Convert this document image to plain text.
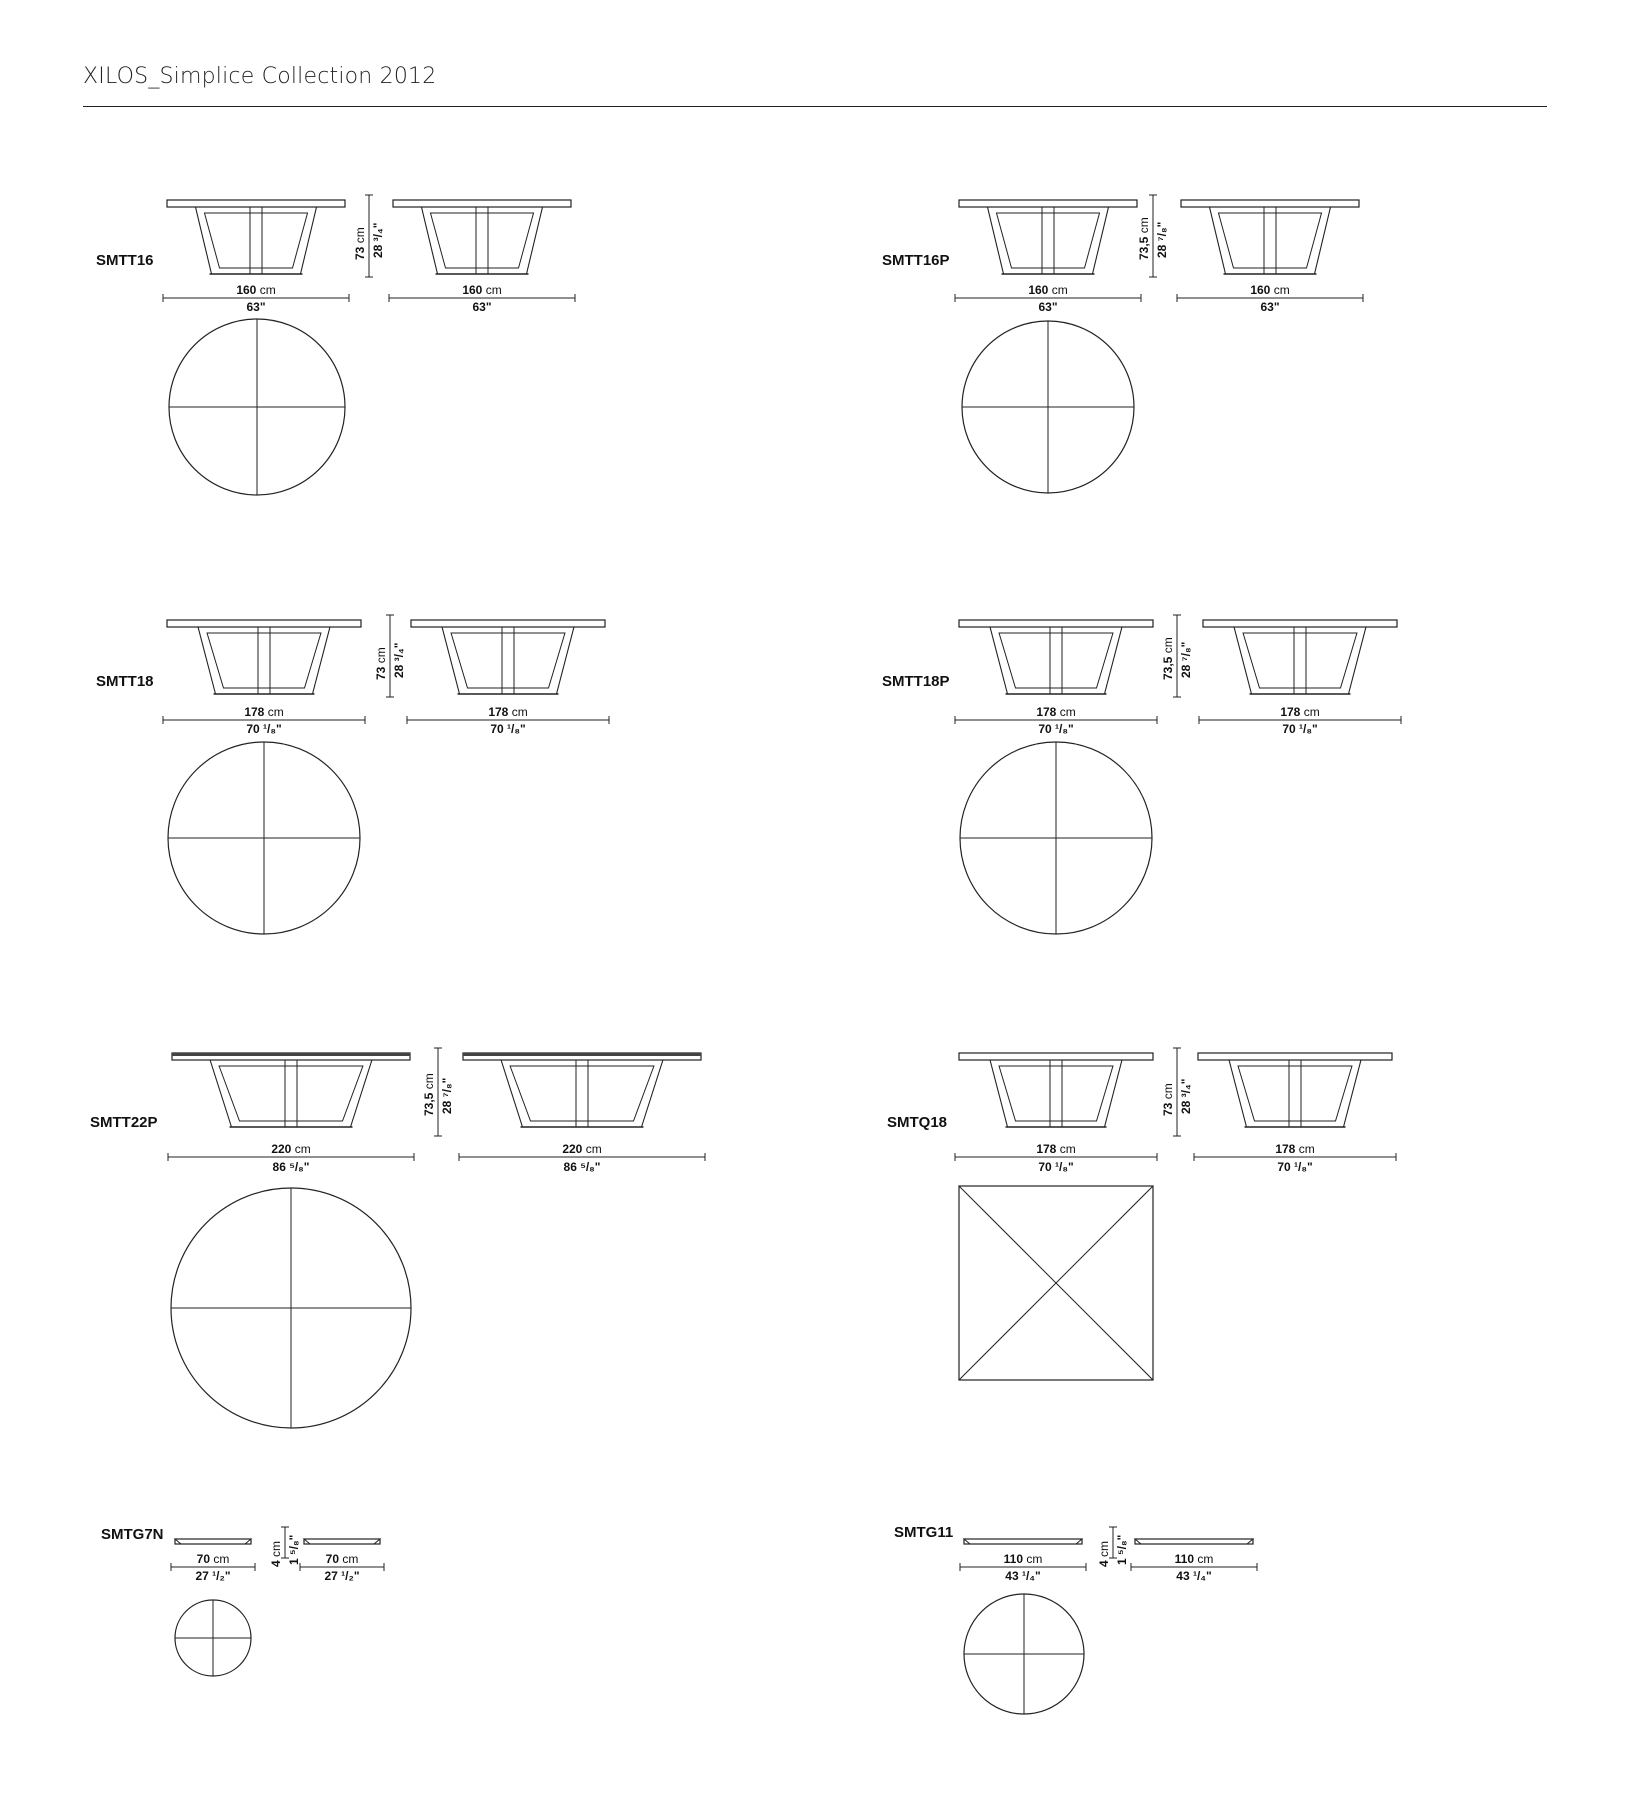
XILOS_Simplice Collection 2012
SMTT16
160 cm
63"
160 cm
63"
73 cm 28 ³/₄"
SMTT16P
160 cm
63"
160 cm
63"
73,5 cm 28 ⁷/₈"
SMTT18
178 cm
70 ¹/₈"
178 cm
70 ¹/₈"
73 cm 28 ³/₄"
SMTT18P
178 cm
70 ¹/₈"
178 cm
70 ¹/₈"
73,5 cm 28 ⁷/₈"
SMTT22P
220 cm
86 ⁵/₈"
220 cm
86 ⁵/₈"
73,5 cm 28 ⁷/₈"
SMTQ18
178 cm
70 ¹/₈"
178 cm
70 ¹/₈"
73 cm 28 ³/₄"
SMTG7N
70 cm
27 ¹/₂"
70 cm
27 ¹/₂"
4 cm 1 ⁵/₈"
SMTG11
110 cm
43 ¹/₄"
110 cm
43 ¹/₄"
4 cm 1 ⁵/₈"
